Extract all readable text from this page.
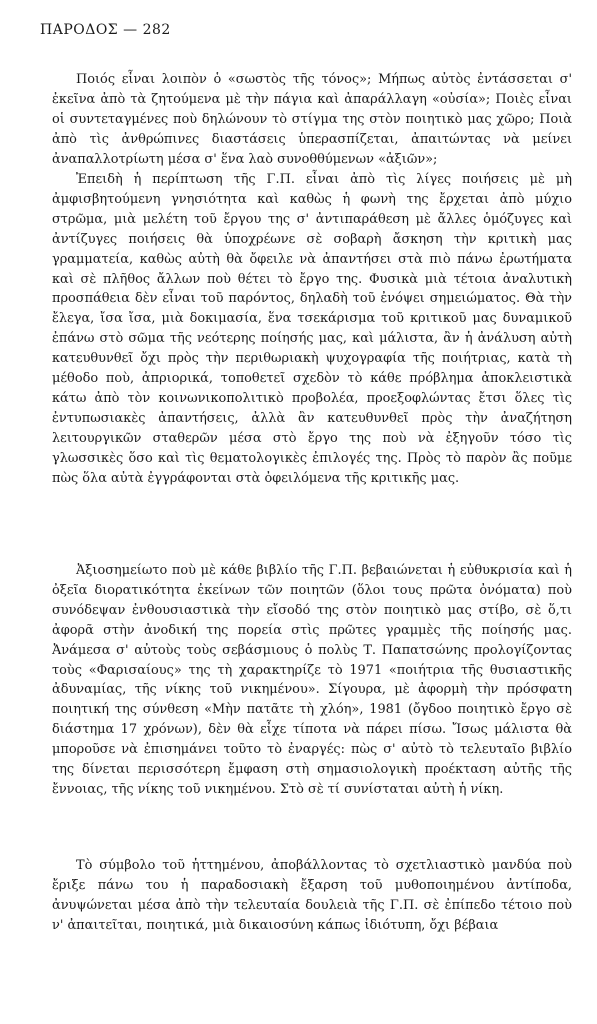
ΠΑΡΟΔΟΣ — 282

Ποιός εἶναι λοιπὸν ὁ «σωστὸς τῆς τόνος»; Μήπως αὐτὸς ἐντάσσεται σ' ἐκεῖνα ἀπὸ τὰ ζητούμενα μὲ τὴν πάγια καὶ ἀπαράλλαγη «οὐσία»; Ποιὲς εἶναι οἱ συντεταγμένες ποὺ δηλώνουν τὸ στίγμα της στὸν ποιητικὸ μας χῶρο; Ποιὰ ἀπὸ τὶς ἀνθρώπινες διαστάσεις ὑπερασπίζεται, ἀπαιτώντας νὰ μείνει ἀναπαλλοτρίωτη μέσα σ' ἕνα λαὸ συνοθθύμενων «ἀξιῶν»;

Ἐπειδὴ ἡ περίπτωση τῆς Γ.Π. εἶναι ἀπὸ τὶς λίγες ποιήσεις μὲ μὴ ἀμφισβητούμενη γνησιότητα καὶ καθὼς ἡ φωνὴ της ἔρχεται ἀπὸ μύχιο στρῶμα, μιὰ μελέτη τοῦ ἔργου της σ' ἀντιπαράθεση μὲ ἄλλες ὁμόζυγες καὶ ἀντίζυγες ποιήσεις θὰ ὑποχρέωνε σὲ σοβαρὴ ἄσκηση τὴν κριτικὴ μας γραμματεία, καθὼς αὐτὴ θὰ ὄφειλε νὰ ἀπαντήσει στὰ πιὸ πάνω ἐρωτήματα καὶ σὲ πλῆθος ἄλλων ποὺ θέτει τὸ ἔργο της. Φυσικὰ μιὰ τέτοια ἀναλυτικὴ προσπάθεια δὲν εἶναι τοῦ παρόντος, δηλαδὴ τοῦ ἐνόψει σημειώματος. Θὰ τὴν ἔλεγα, ἴσα ἴσα, μιὰ δοκιμασία, ἕνα τσεκάρισμα τοῦ κριτικοῦ μας δυναμικοῦ ἐπάνω στὸ σῶμα τῆς νεότερης ποίησής μας, καὶ μάλιστα, ἂν ἡ ἀνάλυση αὐτὴ κατευθυνθεῖ ὄχι πρὸς τὴν περιθωριακὴ ψυχογραφία τῆς ποιήτριας, κατὰ τὴ μέθοδο ποὺ, ἀπριορικά, τοποθετεῖ σχεδὸν τὸ κάθε πρόβλημα ἀποκλειστικὰ κάτω ἀπὸ τὸν κοινωνικοπολιτικὸ προβολέα, προεξοφλώντας ἔτσι ὅλες τὶς ἐντυπωσιακὲς ἀπαντήσεις, ἀλλὰ ἂν κατευθυνθεῖ πρὸς τὴν ἀναζήτηση λειτουργικῶν σταθερῶν μέσα στὸ ἔργο της ποὺ νὰ ἐξηγοῦν τόσο τὶς γλωσσικὲς ὅσο καὶ τὶς θεματολογικὲς ἐπιλογές της. Πρὸς τὸ παρὸν ἂς ποῦμε πὼς ὅλα αὐτὰ ἐγγράφονται στὰ ὀφειλόμενα τῆς κριτικῆς μας.

Ἀξιοσημείωτο ποὺ μὲ κάθε βιβλίο τῆς Γ.Π. βεβαιώνεται ἡ εὐθυκρισία καὶ ἡ ὀξεῖα διορατικότητα ἐκείνων τῶν ποιητῶν (ὅλοι τους πρῶτα ὀνόματα) ποὺ συνόδεψαν ἐνθουσιαστικὰ τὴν εἴσοδό της στὸν ποιητικὸ μας στίβο, σὲ ὅ,τι ἀφορᾶ στὴν ἀνοδική της πορεία στὶς πρῶτες γραμμὲς τῆς ποίησής μας. Ἀνάμεσα σ' αὐτοὺς τοὺς σεβάσμιους ὁ πολὺς Τ. Παπατσώνης προλογίζοντας τοὺς «Φαρισαίους» της τὴ χαρακτηρίζε τὸ 1971 «ποιήτρια τῆς θυσιαστικῆς ἀδυναμίας, τῆς νίκης τοῦ νικημένου». Σίγουρα, μὲ ἀφορμὴ τὴν πρόσφατη ποιητική της σύνθεση «Μὴν πατᾶτε τὴ χλόη», 1981 (ὄγδοο ποιητικὸ ἔργο σὲ διάστημα 17 χρόνων), δὲν θὰ εἶχε τίποτα νὰ πάρει πίσω. Ἴσως μάλιστα θὰ μποροῦσε νὰ ἐπισημάνει τοῦτο τὸ ἐναργές: πὼς σ' αὐτὸ τὸ τελευταῖο βιβλίο της δίνεται περισσότερη ἔμφαση στὴ σημασιολογικὴ προέκταση αὐτῆς τῆς ἔννοιας, τῆς νίκης τοῦ νικημένου. Στὸ σὲ τί συνίσταται αὐτὴ ἡ νίκη.

Τὸ σύμβολο τοῦ ἡττημένου, ἀποβάλλοντας τὸ σχετλιαστικὸ μανδύα ποὺ ἔριξε πάνω του ἡ παραδοσιακὴ ἔξαρση τοῦ μυθοποιημένου ἀντίποδα, ἀνυψώνεται μέσα ἀπὸ τὴν τελευταία δουλειὰ τῆς Γ.Π. σὲ ἐπίπεδο τέτοιο ποὺ ν' ἀπαιτεῖται, ποιητικά, μιὰ δικαιοσύνη κάπως ἰδιότυπη, ὄχι βέβαια
